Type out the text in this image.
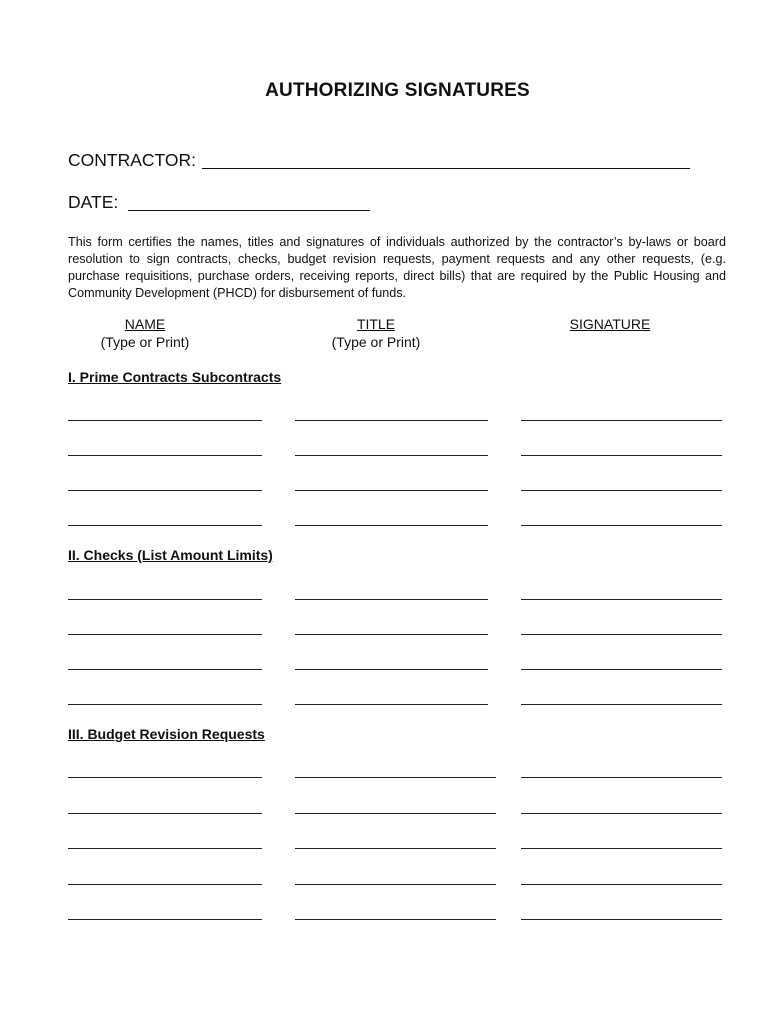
AUTHORIZING SIGNATURES
CONTRACTOR:
DATE:
This form certifies the names, titles and signatures of individuals authorized by the contractor’s by-laws or board resolution to sign contracts, checks, budget revision requests, payment requests and any other requests, (e.g. purchase requisitions, purchase orders, receiving reports, direct bills) that are required by the Public Housing and Community Development (PHCD) for disbursement of funds.
NAME
(Type or Print)
TITLE
(Type or Print)
SIGNATURE
I. Prime Contracts Subcontracts
II. Checks (List Amount Limits)
III. Budget Revision Requests
